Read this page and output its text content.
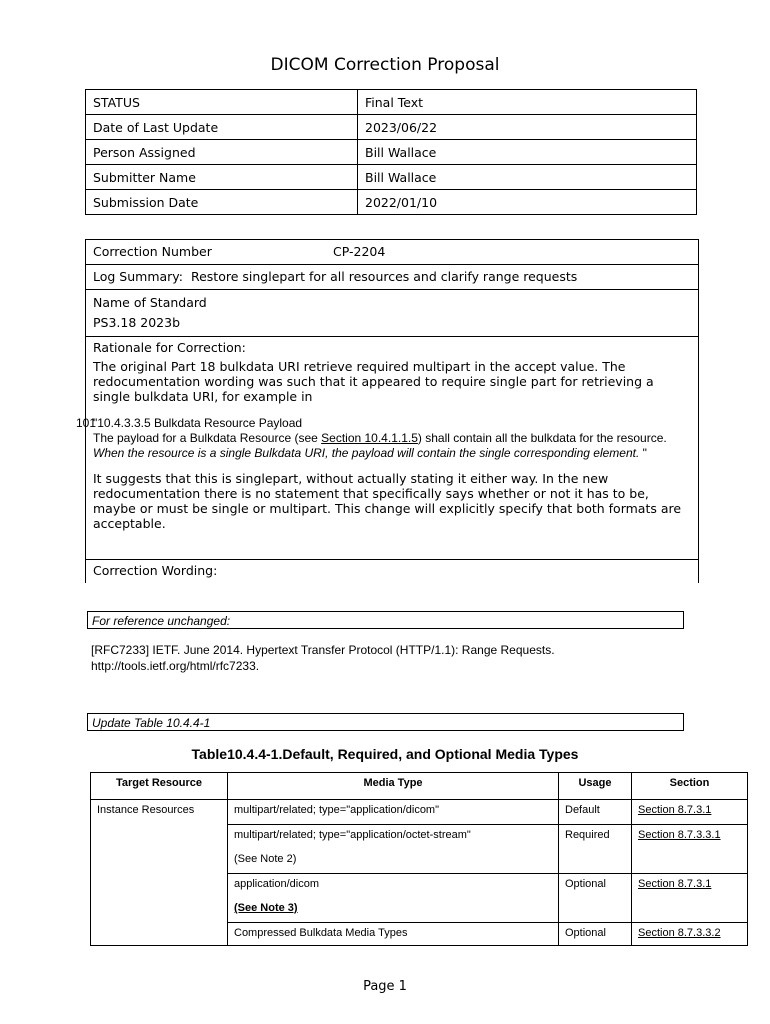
DICOM Correction Proposal
STATUS	Final Text
Date of Last Update	2023/06/22
Person Assigned	Bill Wallace
Submitter Name	Bill Wallace
Submission Date	2022/01/10
Correction Number	CP-2204
Log Summary: Restore singlepart for all resources and clarify range requests

Name of Standard

PS3.18 2023b

Rationale for Correction:

The original Part 18 bulkdata URI retrieve required multipart in the accept value. The redocumentation wording was such that it appeared to require single part for retrieving a single bulkdata URI, for example in

101
"10.4.3.3.5 Bulkdata Resource Payload
The payload for a Bulkdata Resource (see Section 10.4.1.1.5) shall contain all the bulkdata for the resource. When the resource is a single Bulkdata URI, the payload will contain the single corresponding element. "

It suggests that this is singlepart, without actually stating it either way. In the new redocumentation there is no statement that specifically says whether or not it has to be, maybe or must be single or multipart. This change will explicitly specify that both formats are acceptable.

Correction Wording:
For reference unchanged:
[RFC7233] IETF. June 2014. Hypertext Transfer Protocol (HTTP/1.1): Range Requests.
http://tools.ietf.org/html/rfc7233.
Update Table 10.4.4-1
Table10.4.4-1.Default, Required, and Optional Media Types
Target Resource	Media Type	Usage	Section
Instance Resources	multipart/related; type="application/dicom"	Default	Section 8.7.3.1

	multipart/related; type="application/octet-stream"

(See Note 2)	Required	Section 8.7.3.3.1

	application/dicom

(See Note 3)	Optional	Section 8.7.3.1

	Compressed Bulkdata Media Types	Optional	Section 8.7.3.3.2
Page 1
